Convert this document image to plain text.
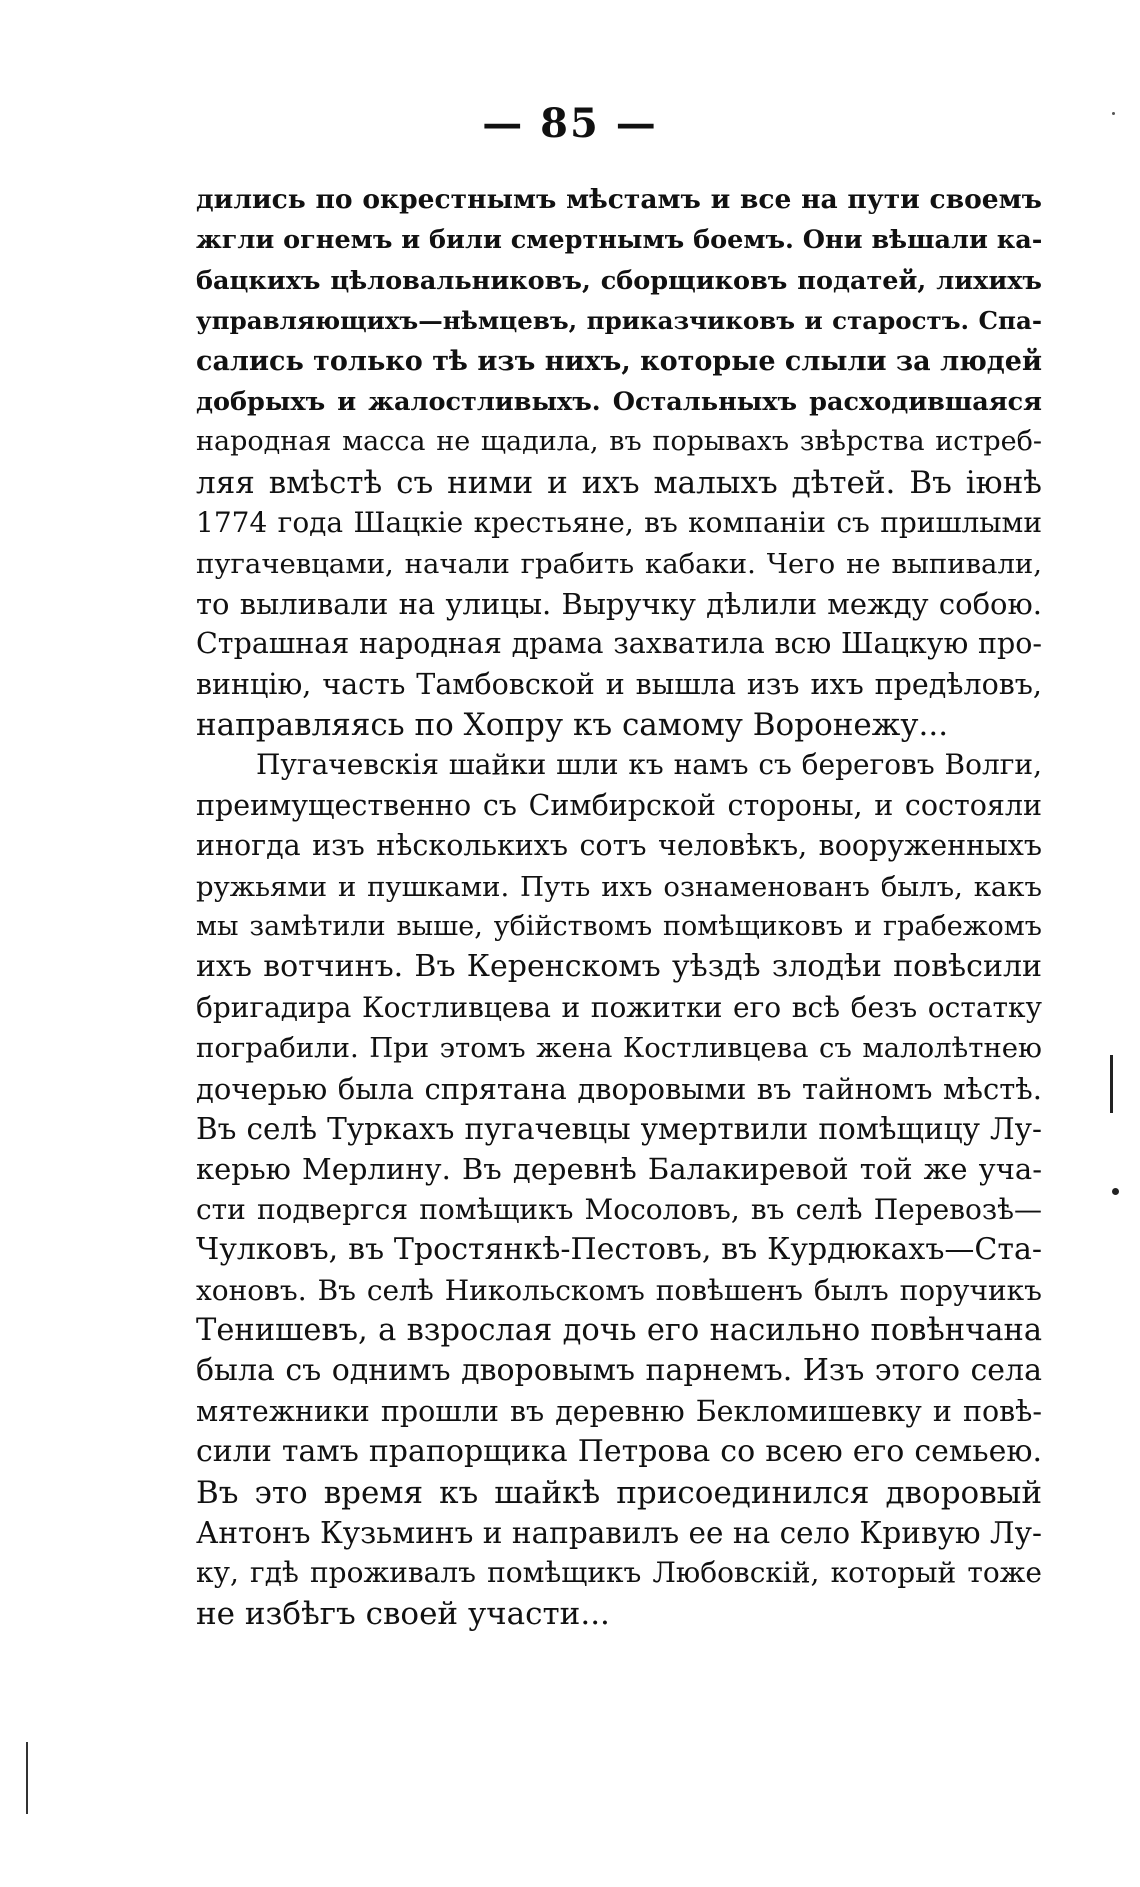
— 85 —
дились по окрестнымъ мѣстамъ и все на пути своемъ
жгли огнемъ и били смертнымъ боемъ. Они вѣшали ка-
бацкихъ цѣловальниковъ, сборщиковъ податей, лихихъ
управляющихъ—нѣмцевъ, приказчиковъ и старостъ. Спа-
сались только тѣ изъ нихъ, которые слыли за людей
добрыхъ и жалостливыхъ. Остальныхъ расходившаяся
народная масса не щадила, въ порывахъ звѣрства истреб-
ляя вмѣстѣ съ ними и ихъ малыхъ дѣтей. Въ іюнѣ
1774 года Шацкіе крестьяне, въ компаніи съ пришлыми
пугачевцами, начали грабить кабаки. Чего не выпивали,
то выливали на улицы. Выручку дѣлили между собою.
Страшная народная драма захватила всю Шацкую про-
винцію, часть Тамбовской и вышла изъ ихъ предѣловъ,
направляясь по Хопру къ самому Воронежу...
Пугачевскія шайки шли къ намъ съ береговъ Волги,
преимущественно съ Симбирской стороны, и состояли
иногда изъ нѣсколькихъ сотъ человѣкъ, вооруженныхъ
ружьями и пушками. Путь ихъ ознаменованъ былъ, какъ
мы замѣтили выше, убійствомъ помѣщиковъ и грабежомъ
ихъ вотчинъ. Въ Керенскомъ уѣздѣ злодѣи повѣсили
бригадира Костливцева и пожитки его всѣ безъ остатку
пограбили. При этомъ жена Костливцева съ малолѣтнею
дочерью была спрятана дворовыми въ тайномъ мѣстѣ.
Въ селѣ Туркахъ пугачевцы умертвили помѣщицу Лу-
керью Мерлину. Въ деревнѣ Балакиревой той же уча-
сти подвергся помѣщикъ Мосоловъ, въ селѣ Перевозѣ—
Чулковъ, въ Тростянкѣ-Пестовъ, въ Курдюкахъ—Ста-
хоновъ. Въ селѣ Никольскомъ повѣшенъ былъ поручикъ
Тенишевъ, а взрослая дочь его насильно повѣнчана
была съ однимъ дворовымъ парнемъ. Изъ этого села
мятежники прошли въ деревню Бекломишевку и повѣ-
сили тамъ прапорщика Петрова со всею его семьею.
Въ это время къ шайкѣ присоединился дворовый
Антонъ Кузьминъ и направилъ ее на село Кривую Лу-
ку, гдѣ проживалъ помѣщикъ Любовскій, который тоже
не избѣгъ своей участи...
